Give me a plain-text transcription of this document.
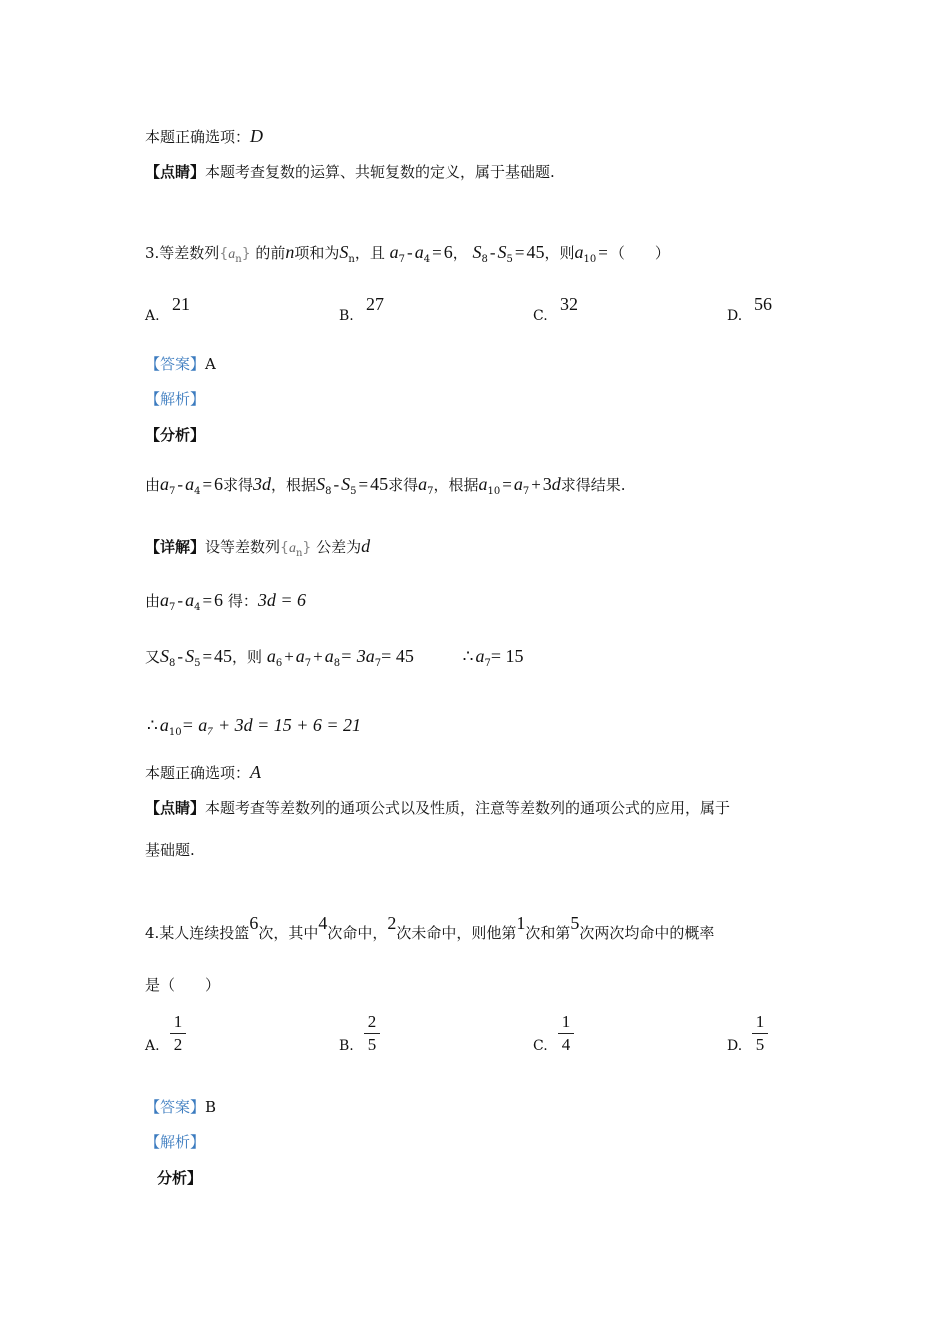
本题正确选项：D
【点睛】本题考查复数的运算、共轭复数的定义，属于基础题.
3.等差数列$\{a_n\}$ 的前n项和为$S_n$，且 $a_7 - a_4 = 6$， $S_8 - S_5 = 45$，则$a_{10}$ = （　　）
A.
21
B.
27
C.
32
D.
56
【答案】A
【解析】
【分析】
由$a_7 - a_4 = 6$求得3d，根据$S_8 - S_5 = 45$求得$a_7$，根据$a_{10} = a_7 + 3d$求得结果.
【详解】设等差数列$\{a_n\}$ 公差为d
由$a_7 - a_4 = 6$ 得：3d = 6
又$S_8 - S_5 = 45$，则 $a_6 + a_7 + a_8= 3a_7= 45$	∴ $a_7= 15$
∴ $a_{10}= a_7 + 3d = 15 + 6 = 21$
本题正确选项：A
【点睛】本题考查等差数列的通项公式以及性质，注意等差数列的通项公式的应用，属于
基础题.
4.某人连续投篮6次，其中4次命中，2次未命中，则他第1次和第5次两次均命中的概率
是（　　）
A.
1
2	B.
2
5	C.
1
4	D.
1
5
【答案】B
【解析】
分析】
